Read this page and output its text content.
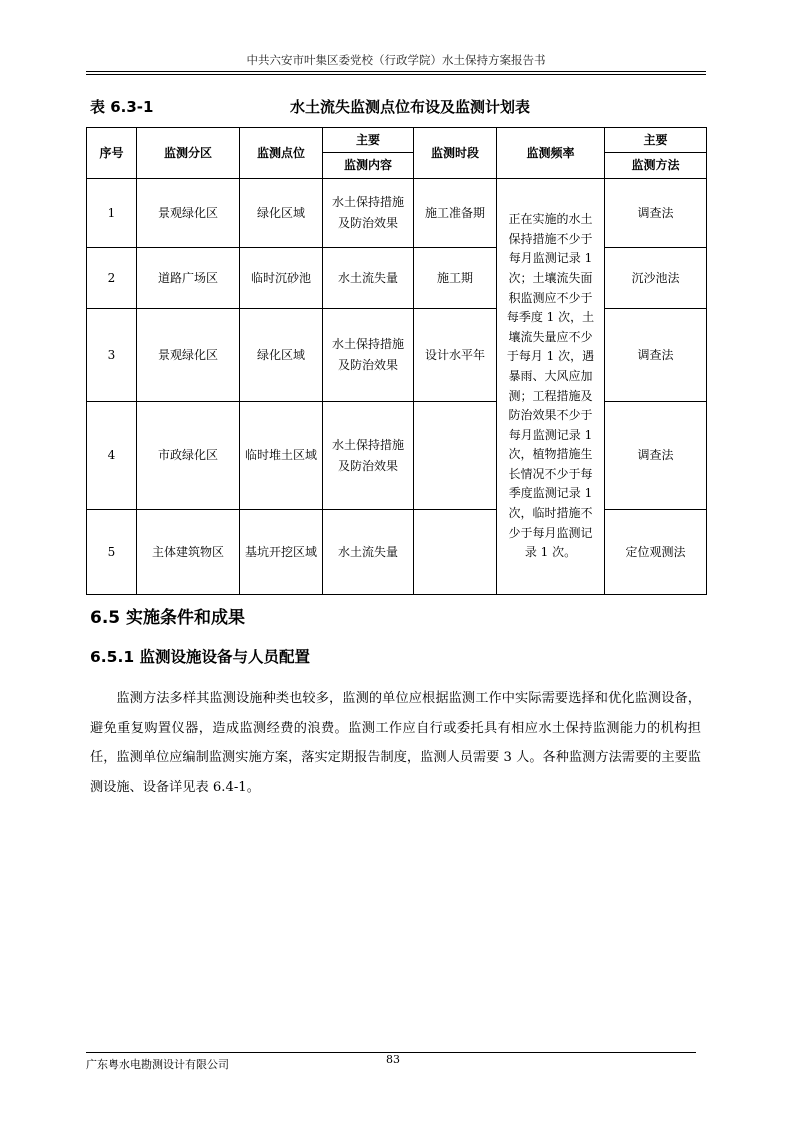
中共六安市叶集区委党校（行政学院）水土保持方案报告书
表 6.3-1	水土流失监测点位布设及监测计划表
序号	监测分区	监测点位	主要	监测时段	监测频率	主要
			监测内容			监测方法
1	景观绿化区	绿化区域	水土保持措施及防治效果	施工准备期	正在实施的水土保持措施不少于每月监测记录 1 次；土壤流失面积监测应不少于每季度 1 次，土壤流失量应不少于每月 1 次，遇暴雨、大风应加测；工程措施及防治效果不少于每月监测记录 1 次，植物措施生长情况不少于每季度监测记录 1 次，临时措施不少于每月监测记录 1 次。	调查法
2	道路广场区	临时沉砂池	水土流失量	施工期		沉沙池法
3	景观绿化区	绿化区域	水土保持措施及防治效果	设计水平年		调查法
4	市政绿化区	临时堆土区域	水土保持措施及防治效果			调查法
5	主体建筑物区	基坑开挖区域	水土流失量			定位观测法
6.5 实施条件和成果
6.5.1 监测设施设备与人员配置

监测方法多样其监测设施种类也较多，监测的单位应根据监测工作中实际需要选择和优化监测设备，避免重复购置仪器，造成监测经费的浪费。监测工作应自行或委托具有相应水土保持监测能力的机构担任，监测单位应编制监测实施方案，落实定期报告制度，监测人员需要 3 人。各种监测方法需要的主要监测设施、设备详见表 6.4-1。

广东粤水电勘测设计有限公司	83
